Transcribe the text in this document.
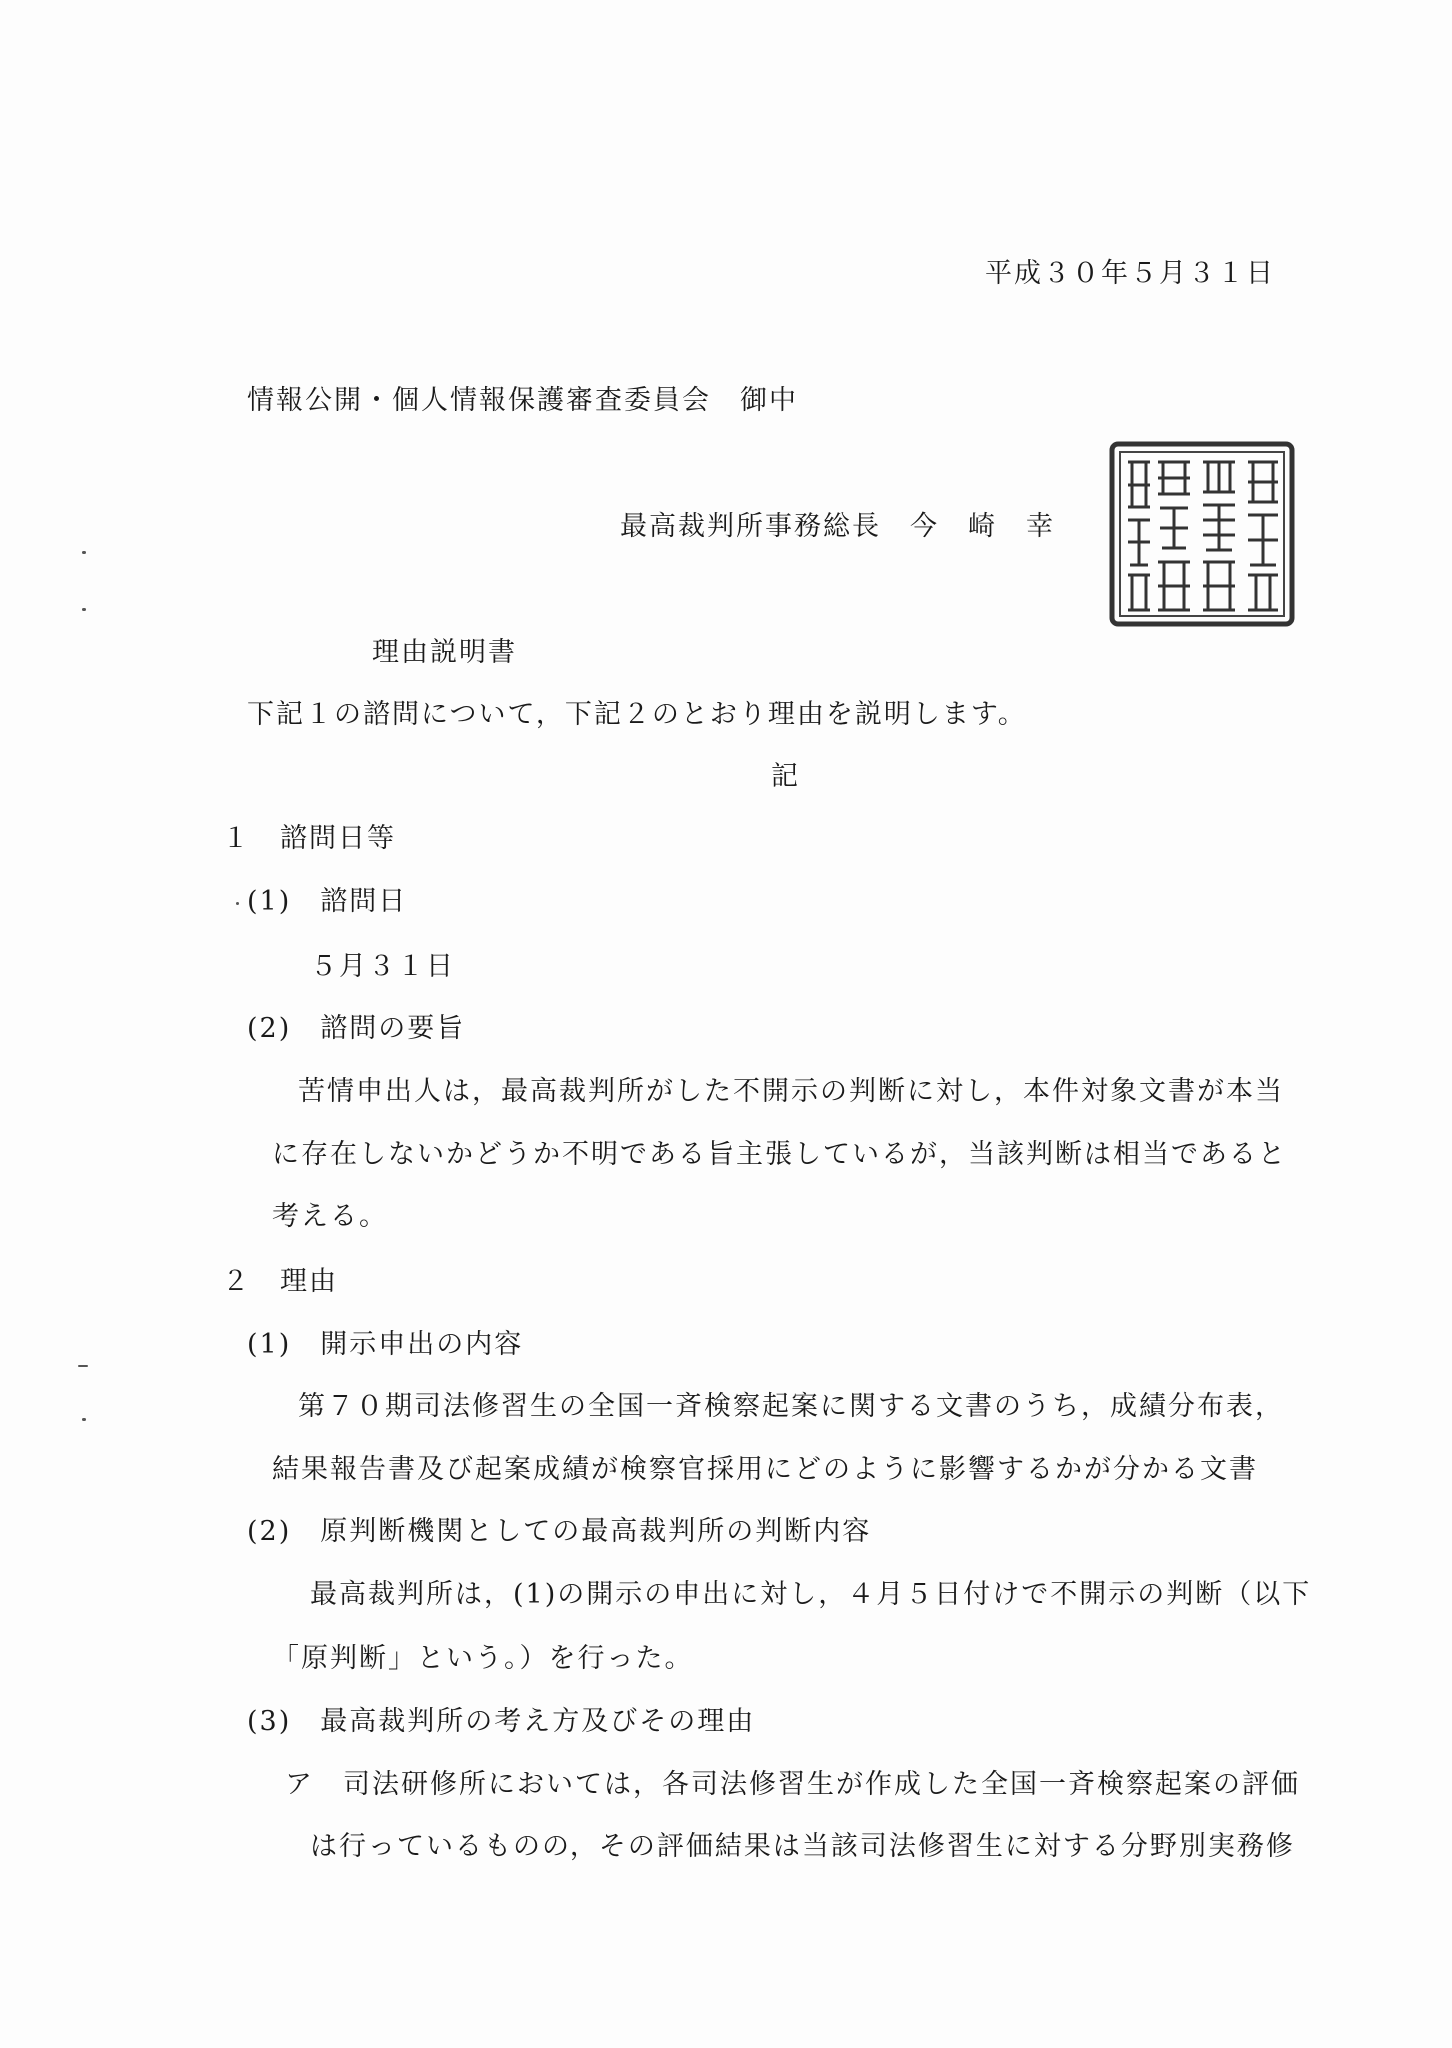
平成３０年５月３１日
情報公開・個人情報保護審査委員会　御中
最高裁判所事務総長　今　崎　幸
理由説明書
下記１の諮問について，下記２のとおり理由を説明します。
記
１　諮問日等
(1)　諮問日
５月３１日
(2)　諮問の要旨
苦情申出人は，最高裁判所がした不開示の判断に対し，本件対象文書が本当
に存在しないかどうか不明である旨主張しているが，当該判断は相当であると
考える。
２　理由
(1)　開示申出の内容
第７０期司法修習生の全国一斉検察起案に関する文書のうち，成績分布表，
結果報告書及び起案成績が検察官採用にどのように影響するかが分かる文書
(2)　原判断機関としての最高裁判所の判断内容
最高裁判所は，(1)の開示の申出に対し，４月５日付けで不開示の判断（以下
「原判断」という。）を行った。
(3)　最高裁判所の考え方及びその理由
ア　司法研修所においては，各司法修習生が作成した全国一斉検察起案の評価
は行っているものの，その評価結果は当該司法修習生に対する分野別実務修
